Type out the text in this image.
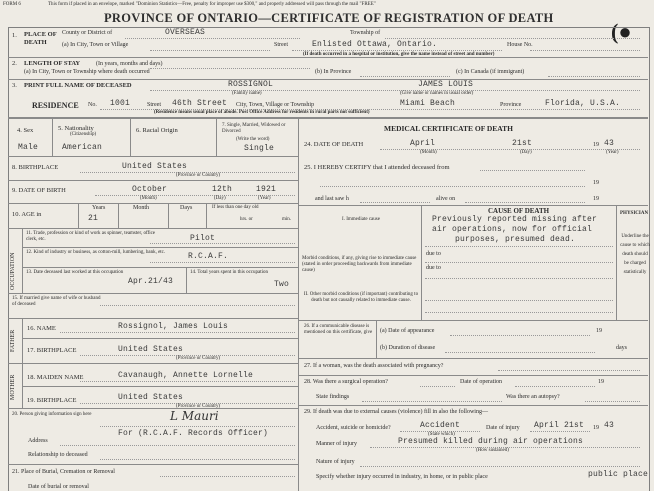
This form if placed in an envelope, marked "Dominion Statistics—Free, penalty for improper use $300," and properly addressed will pass through the mail "FREE"
FORM 6
PROVINCE OF ONTARIO—CERTIFICATE OF REGISTRATION OF DEATH
(●
1. PLACE OF DEATH
County or District of	OVERSEAS	Township of
(a) In City, Town or Village	Street	Enlisted Ottawa, Ontario.	House No.
(If death occurred in a hospital or institution, give the name instead of street and number)
2. LENGTH OF STAY	(In years, months and days)
(a) In City, Town or Township where death occurred	(b) In Province	(c) In Canada (if immigrant)
3. PRINT FULL NAME OF DECEASED	ROSSIGNOL	JAMES LOUIS
(Family name)	(Give name or names in usual order)
RESIDENCE No. 1001	Street 46th Street City, Town, Village or Township	Miami Beach	Province	Florida, U.S.A.
(Residence means usual place of abode. Post Office Address for residents in rural parts not sufficient)
4. Sex
Male
5. Nationality
(Citizenship)
American
6. Racial Origin
7. Single, Married, Widowed or Divorced
(Write the word)
Single
8. BIRTHPLACE	United States
(Province or Country)
9. DATE OF BIRTH	October	12th	1921
(Month)	(Day)	(Year)
10. AGE in
Years
21
Month	Days	If less than one day old
hrs. or	min.
OCCUPATION
11. Trade, profession or kind of work as spinner, teamster, office clerk, etc.	Pilot
12. Kind of industry or business, as cotton-mill, lumbering, bank, etc.	R.C.A.F.
13. Date deceased last worked at this occupation
Apr.21/43
14. Total years spent in this occupation
Two
15. If married give name of wife or husband of deceased
FATHER
16. NAME	Rossignol, James Louis
17. BIRTHPLACE	United States
(Province or Country)
MOTHER 18. MAIDEN NAME	Cavanaugh, Annette Lornelle
19. BIRTHPLACE	United States
(Province or Country)
20. Person giving information sign here	L Mauri
For (R.C.A.F. Records Officer)
Address
Relationship to deceased
21. Place of Burial, Cremation or Removal
Date of burial or removal
MEDICAL CERTIFICATE OF DEATH
24. DATE OF DEATH	April	21st	19 43
(Month)	(Day)	(Year)
25. I HEREBY CERTIFY that I attended deceased from
19
and last saw h	alive on	19
CAUSE OF DEATH
Previously reported missing after
air operations, now for official
purposes, presumed dead.
I. Immediate cause
due to
due to
Morbid conditions, if any, giving rise to immediate cause (stated in order proceeding backwards from immediate cause)
II. Other morbid conditions (if important) contributing to death but not causally related to immediate cause.
PHYSICIAN
Underline the cause to which death should be charged statistically
26. If a communicable disease is mentioned on this certificate, give	(a) Date of appearance	19
(b) Duration of disease	days
27. If a woman, was the death associated with pregnancy?
28. Was there a surgical operation?	Date of operation	19
State findings	Was there an autopsy?
29. If death was due to external causes (violence) fill in also the following—
Accident, suicide or homicide?	Accident
(State which)
Date of injury April 21st 19 43
Manner of injury	Presumed killed during air operations
(How sustained)
Nature of injury
Specify whether injury occurred in industry, in home, or in public place	public place
